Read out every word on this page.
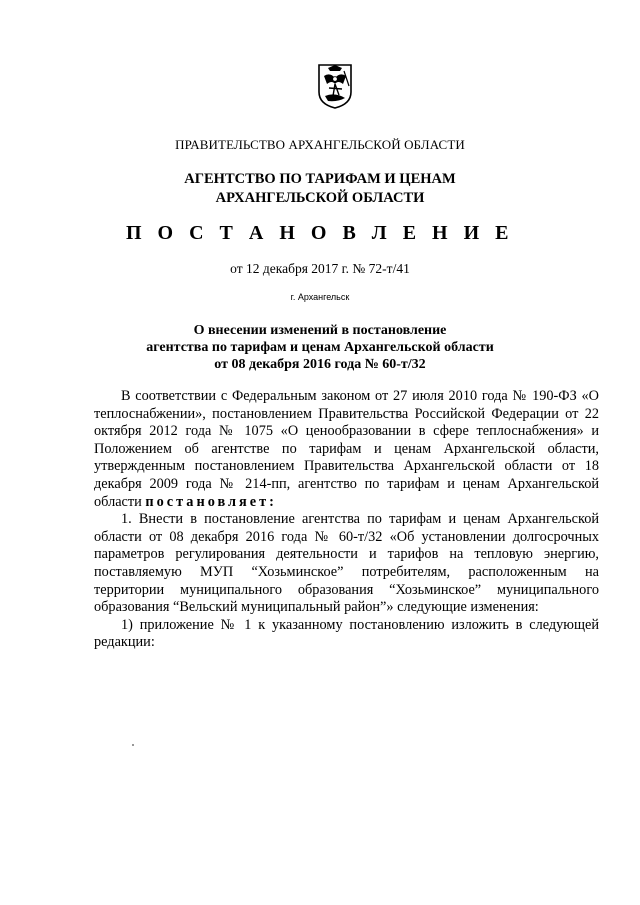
ПРАВИТЕЛЬСТВО АРХАНГЕЛЬСКОЙ ОБЛАСТИ
АГЕНТСТВО ПО ТАРИФАМ И ЦЕНАМ
АРХАНГЕЛЬСКОЙ ОБЛАСТИ
П О С Т А Н О В Л Е Н И Е
от 12 декабря 2017 г. № 72-т/41
г. Архангельск
О внесении изменений в постановление
агентства по тарифам и ценам Архангельской области
от 08 декабря 2016 года № 60-т/32

В соответствии с Федеральным законом от 27 июля 2010 года № 190-ФЗ «О теплоснабжении», постановлением Правительства Российской Федерации от 22 октября 2012 года № 1075 «О ценообразовании в сфере теплоснабжения» и Положением об агентстве по тарифам и ценам Архангельской области, утвержденным постановлением Правительства Архангельской области от 18 декабря 2009 года № 214-пп, агентство по тарифам и ценам Архангельской области постановляет:

1. Внести в постановление агентства по тарифам и ценам Архангельской области от 08 декабря 2016 года № 60-т/32 «Об установлении долгосрочных параметров регулирования деятельности и тарифов на тепловую энергию, поставляемую МУП “Хозьминское” потребителям, расположенным на территории муниципального образования “Хозьминское” муниципального образования “Вельский муниципальный район”» следующие изменения:

1) приложение № 1 к указанному постановлению изложить в следующей редакции:
